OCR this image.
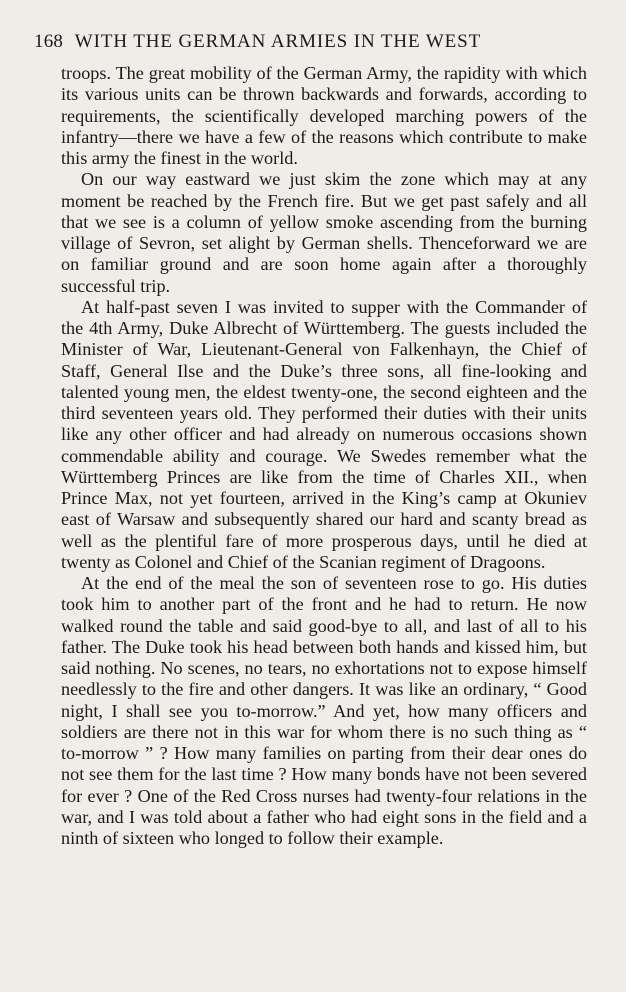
168 WITH THE GERMAN ARMIES IN THE WEST

troops. The great mobility of the German Army, the rapidity with which its various units can be thrown backwards and forwards, according to requirements, the scientifically developed marching powers of the infantry—there we have a few of the reasons which contribute to make this army the finest in the world.

On our way eastward we just skim the zone which may at any moment be reached by the French fire. But we get past safely and all that we see is a column of yellow smoke ascending from the burning village of Sevron, set alight by German shells. Thenceforward we are on familiar ground and are soon home again after a thoroughly successful trip.

At half-past seven I was invited to supper with the Commander of the 4th Army, Duke Albrecht of Württemberg. The guests included the Minister of War, Lieutenant-General von Falkenhayn, the Chief of Staff, General Ilse and the Duke’s three sons, all fine-looking and talented young men, the eldest twenty-one, the second eighteen and the third seventeen years old. They performed their duties with their units like any other officer and had already on numerous occasions shown commendable ability and courage. We Swedes remember what the Württemberg Princes are like from the time of Charles XII., when Prince Max, not yet fourteen, arrived in the King’s camp at Okuniev east of Warsaw and subsequently shared our hard and scanty bread as well as the plentiful fare of more prosperous days, until he died at twenty as Colonel and Chief of the Scanian regiment of Dragoons.

At the end of the meal the son of seventeen rose to go. His duties took him to another part of the front and he had to return. He now walked round the table and said good-bye to all, and last of all to his father. The Duke took his head between both hands and kissed him, but said nothing. No scenes, no tears, no exhortations not to expose himself needlessly to the fire and other dangers. It was like an ordinary, “ Good night, I shall see you to-morrow.” And yet, how many officers and soldiers are there not in this war for whom there is no such thing as “ to-morrow ” ? How many families on parting from their dear ones do not see them for the last time ? How many bonds have not been severed for ever ? One of the Red Cross nurses had twenty-four relations in the war, and I was told about a father who had eight sons in the field and a ninth of sixteen who longed to follow their example.
